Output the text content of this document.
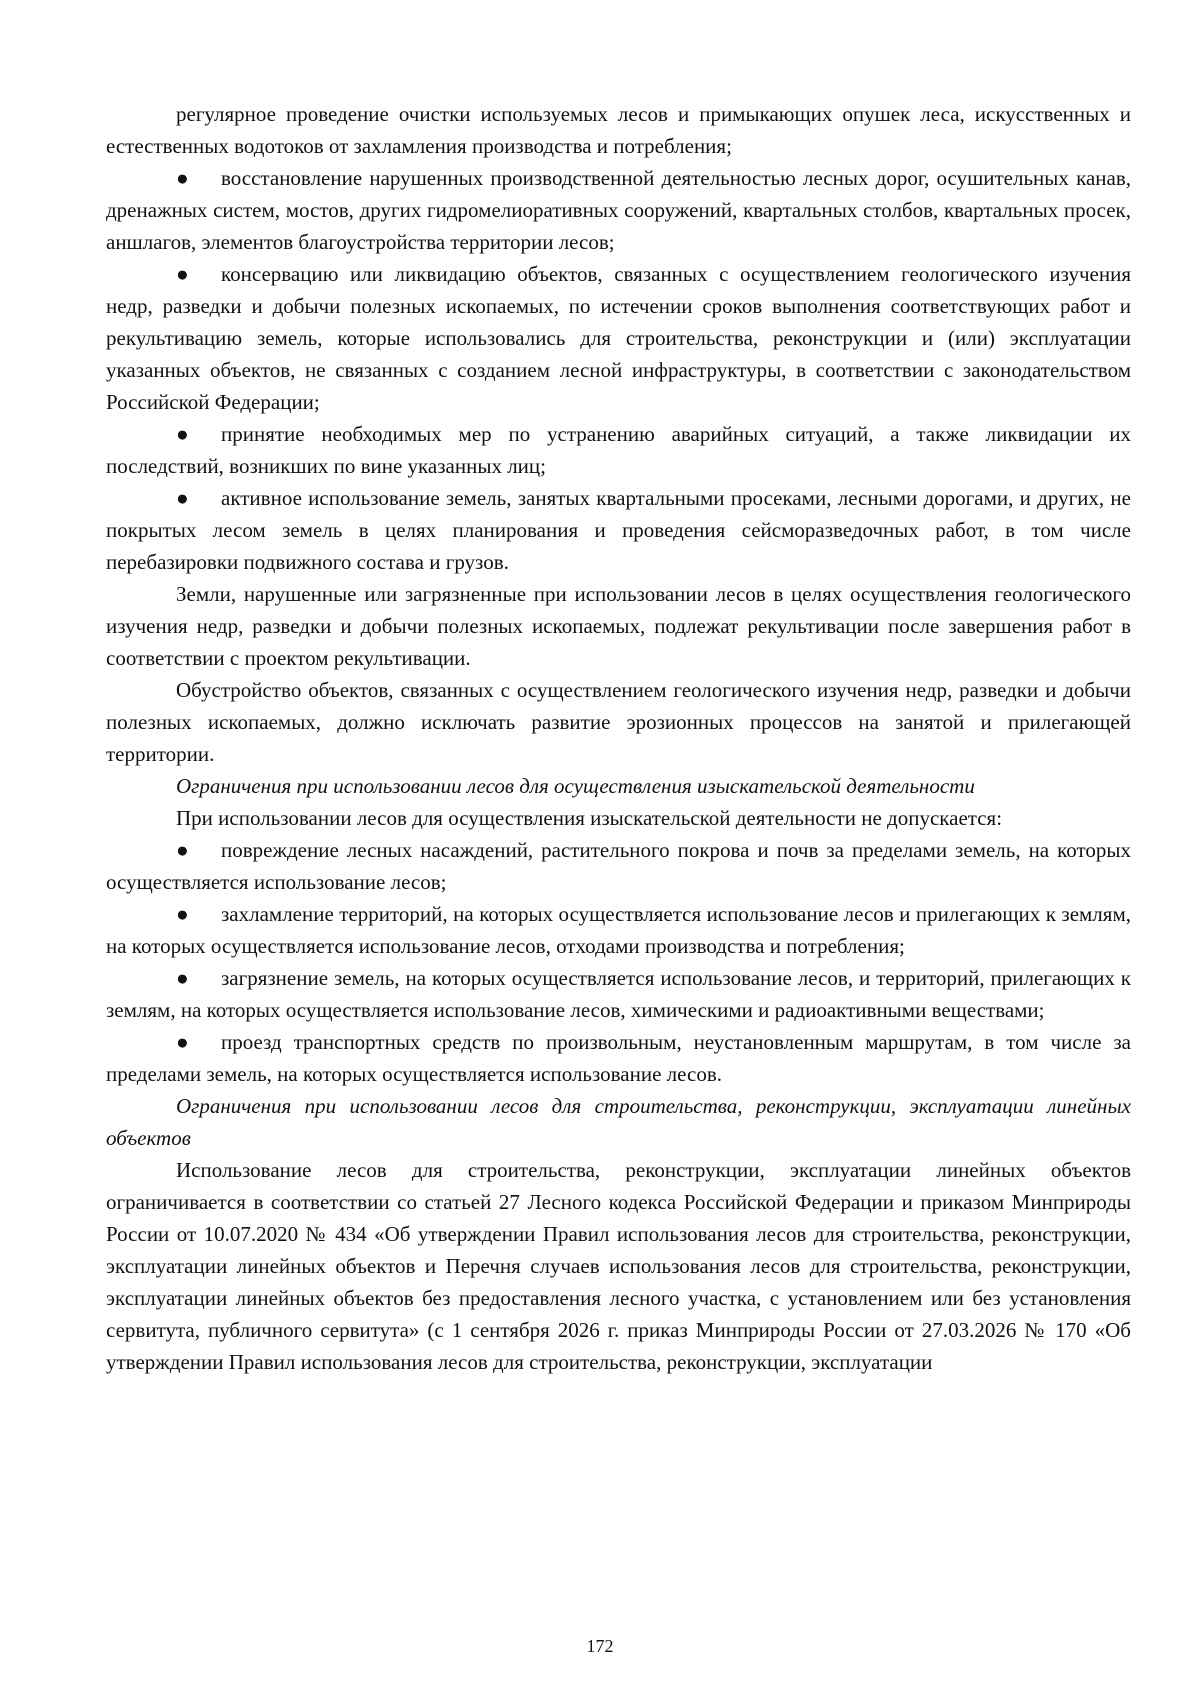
регулярное проведение очистки используемых лесов и примыкающих опушек леса, искусственных и естественных водотоков от захламления производства и потребления;

● восстановление нарушенных производственной деятельностью лесных дорог, осушительных канав, дренажных систем, мостов, других гидромелиоративных сооружений, квартальных столбов, квартальных просек, аншлагов, элементов благоустройства территории лесов;

● консервацию или ликвидацию объектов, связанных с осуществлением геологического изучения недр, разведки и добычи полезных ископаемых, по истечении сроков выполнения соответствующих работ и рекультивацию земель, которые использовались для строительства, реконструкции и (или) эксплуатации указанных объектов, не связанных с созданием лесной инфраструктуры, в соответствии с законодательством Российской Федерации;

● принятие необходимых мер по устранению аварийных ситуаций, а также ликвидации их последствий, возникших по вине указанных лиц;

● активное использование земель, занятых квартальными просеками, лесными дорогами, и других, не покрытых лесом земель в целях планирования и проведения сейсморазведочных работ, в том числе перебазировки подвижного состава и грузов.

Земли, нарушенные или загрязненные при использовании лесов в целях осуществления геологического изучения недр, разведки и добычи полезных ископаемых, подлежат рекультивации после завершения работ в соответствии с проектом рекультивации.

Обустройство объектов, связанных с осуществлением геологического изучения недр, разведки и добычи полезных ископаемых, должно исключать развитие эрозионных процессов на занятой и прилегающей территории.

Ограничения при использовании лесов для осуществления изыскательской деятельности

При использовании лесов для осуществления изыскательской деятельности не допускается:

● повреждение лесных насаждений, растительного покрова и почв за пределами земель, на которых осуществляется использование лесов;

● захламление территорий, на которых осуществляется использование лесов и прилегающих к землям, на которых осуществляется использование лесов, отходами производства и потребления;

● загрязнение земель, на которых осуществляется использование лесов, и территорий, прилегающих к землям, на которых осуществляется использование лесов, химическими и радиоактивными веществами;

● проезд транспортных средств по произвольным, неустановленным маршрутам, в том числе за пределами земель, на которых осуществляется использование лесов.

Ограничения при использовании лесов для строительства, реконструкции, эксплуатации линейных объектов

Использование лесов для строительства, реконструкции, эксплуатации линейных объектов ограничивается в соответствии со статьей 27 Лесного кодекса Российской Федерации и приказом Минприроды России от 10.07.2020 № 434 «Об утверждении Правил использования лесов для строительства, реконструкции, эксплуатации линейных объектов и Перечня случаев использования лесов для строительства, реконструкции, эксплуатации линейных объектов без предоставления лесного участка, с установлением или без установления сервитута, публичного сервитута» (с 1 сентября 2026 г. приказ Минприроды России от 27.03.2026 № 170 «Об утверждении Правил использования лесов для строительства, реконструкции, эксплуатации

172
